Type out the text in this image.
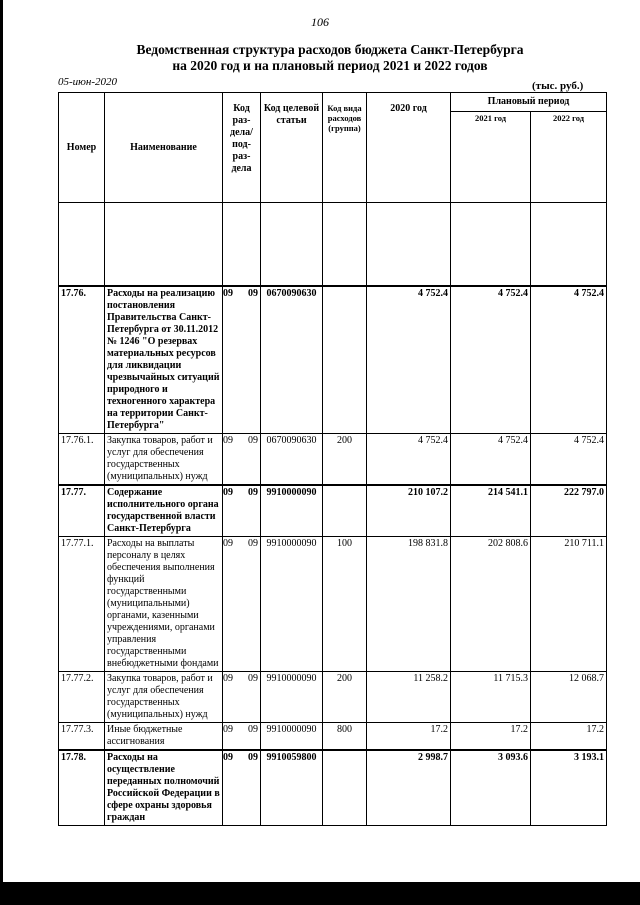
106
Ведомственная структура расходов бюджета Санкт-Петербурга
на 2020 год и на плановый период 2021 и 2022 годов
05-июн-2020	(тыс. руб.)
Номер	Наименование	Код раз-дела/ под-раз-дела	Код целевой статьи	Код вида расходов (группа)	2020 год	Плановый период	
						2021 год	2022 год

17.76.	Расходы на реализацию постановления Правительства Санкт-Петербурга от 30.11.2012 № 1246 "О резервах материальных ресурсов для ликвидации чрезвычайных ситуаций природного и техногенного характера на территории Санкт-Петербурга"	09 09	0670090630		4 752.4	4 752.4	4 752.4
17.76.1.	Закупка товаров, работ и услуг для обеспечения государственных (муниципальных) нужд	09 09	0670090630	200	4 752.4	4 752.4	4 752.4
17.77.	Содержание исполнительного органа государственной власти Санкт-Петербурга	09 09	9910000090		210 107.2	214 541.1	222 797.0
17.77.1.	Расходы на выплаты персоналу в целях обеспечения выполнения функций государственными (муниципальными) органами, казенными учреждениями, органами управления государственными внебюджетными фондами	09 09	9910000090	100	198 831.8	202 808.6	210 711.1
17.77.2.	Закупка товаров, работ и услуг для обеспечения государственных (муниципальных) нужд	09 09	9910000090	200	11 258.2	11 715.3	12 068.7
17.77.3.	Иные бюджетные ассигнования	09 09	9910000090	800	17.2	17.2	17.2
17.78.	Расходы на осуществление переданных полномочий Российской Федерации в сфере охраны здоровья граждан	09 09	9910059800		2 998.7	3 093.6	3 193.1
